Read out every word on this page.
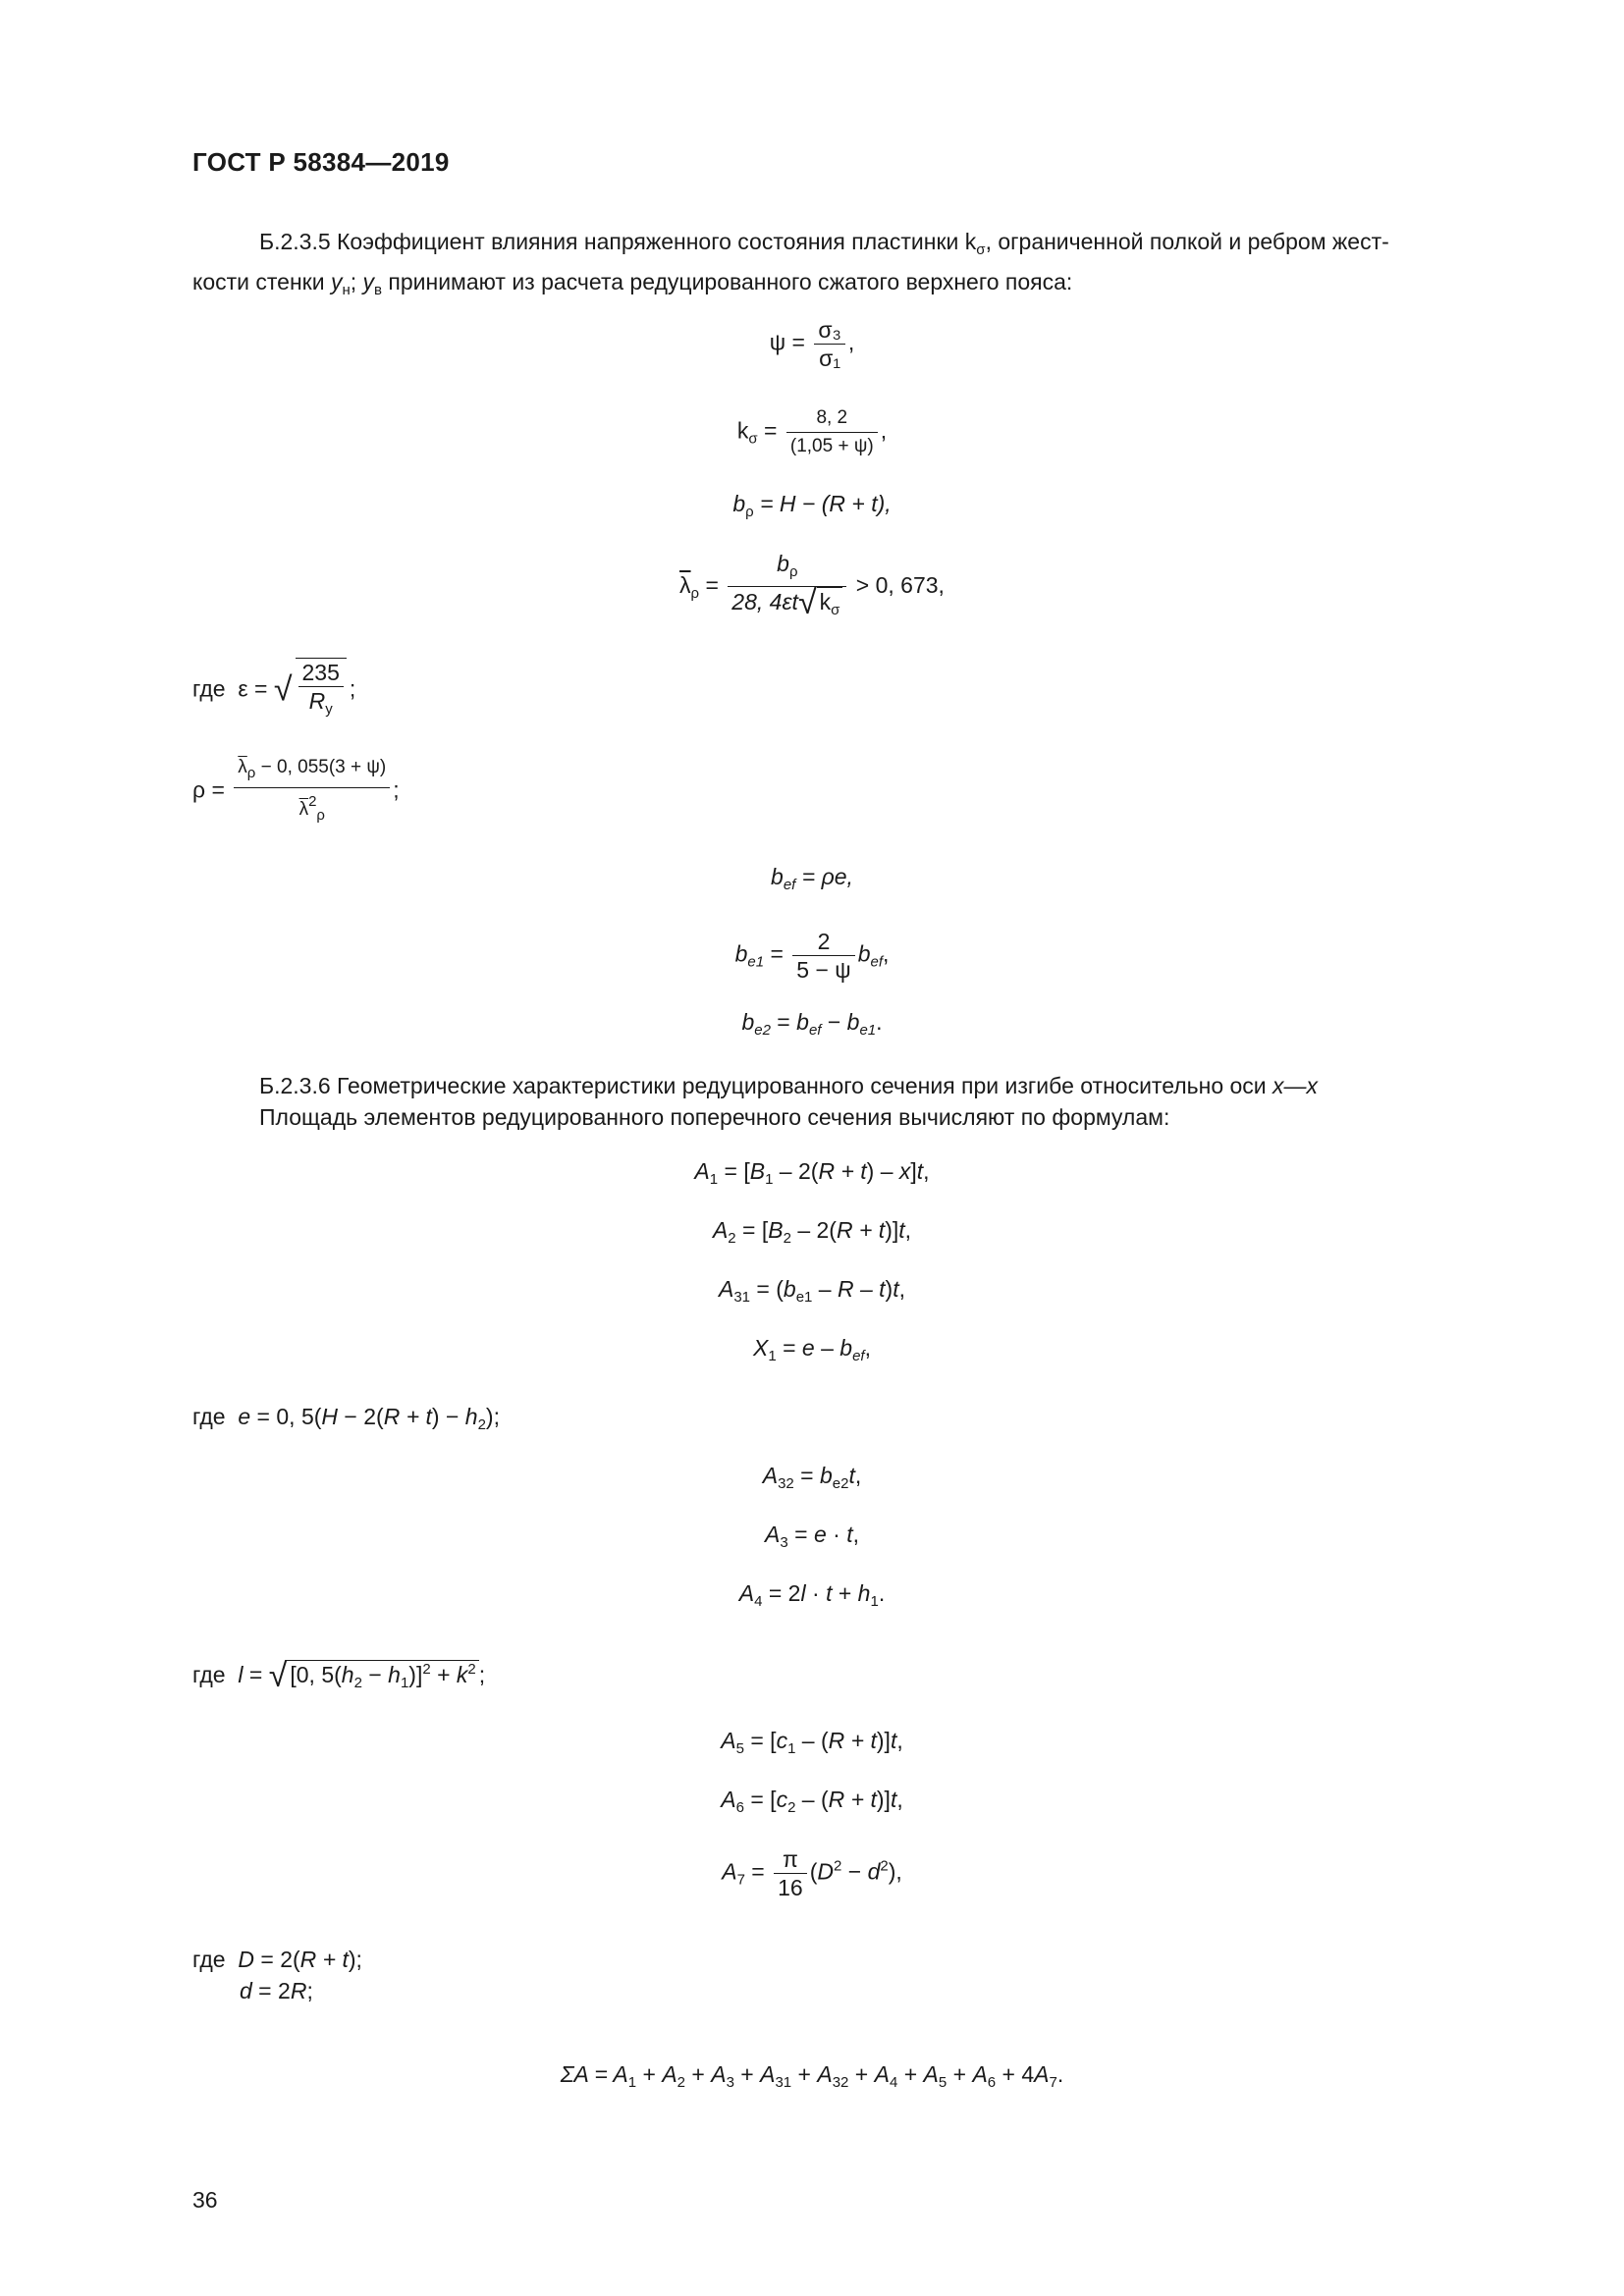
ГОСТ Р 58384—2019
Б.2.3.5 Коэффициент влияния напряженного состояния пластинки $k_\sigma$, ограниченной полкой и ребром жест-
кости стенки $у_н$; $у_в$ принимают из расчета редуцированного сжатого верхнего пояса:
$\psi = \frac{\text{σ₃}}{\text{σ₁}}$ ,
$k_\sigma = \frac{8, 2}{(1,05 + \psi)}$ ,
$b_\rho = H - (R + t)$,
$\overline{\lambda}_\rho = \frac{b_\rho}{28, 4\varepsilon t√ k_\sigma} > 0$, 673,
где ε = √ $\frac{235}{R_y}$ ;
$\rho = \frac{\overline{\lambda}_\rho - 0, 055(3 + \psi)}{\overline{\lambda}^2_\rho}$ ;
$b_{ef} = \rho e$,
$b_{e1} = \frac{2}{5 - \psi} b_{ef}$,
$b_{e2} = b_{ef} - b_{e1}$.
Б.2.3.6 Геометрические характеристики редуцированного сечения при изгибе относительно оси х—х
Площадь элементов редуцированного поперечного сечения вычисляют по формулам:
$A_1 = [B_1 - 2(R + t) - x]t$,
$A_2 = [B_2 - 2(R + t)]t$,
$A_{31} = (b_{e1} - R - t)t$,
$X_1 = e - b_{ef}$,
где e = 0, $5(H - 2(R + t) - h_2)$;
$A_{32} = b_{e2}t$,
$A_3 = e \cdot t$,
$A_4 = 2l \cdot t + h_1$.
где l = √ [0, $5(h_2 - h_1)]^2 + k^2$ ;
$A_5 = [c_1 - (R + t)]t$,
$A_6 = [c_2 - (R + t)]t$,
$A_7 = \frac{\pi}{16} (D^2 - d^2)$,
где D = 2(R + t);
d = 2R;
$\Sigma A = A_1 + A_2 + A_3 + A_{31} + A_{32} + A_4 + A_5 + A_6 + 4A_7$.
36
